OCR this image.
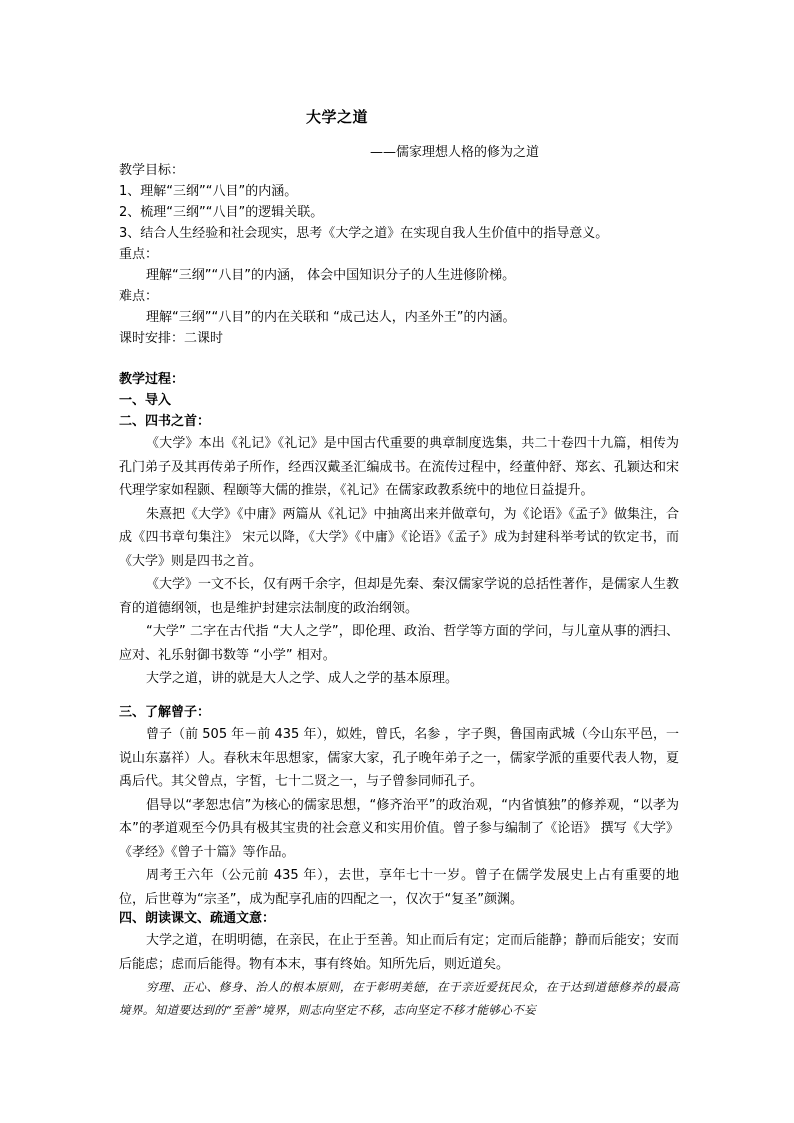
大学之道
——儒家理想人格的修为之道
教学目标：
1、理解“三纲”“八目”的内涵。
2、梳理“三纲”“八目”的逻辑关联。
3、结合人生经验和社会现实，思考《大学之道》在实现自我人生价值中的指导意义。
重点：
理解“三纲”“八目”的内涵， 体会中国知识分子的人生进修阶梯。
难点：
理解“三纲”“八目”的内在关联和 “成己达人，内圣外王”的内涵。
课时安排：二课时
教学过程：
一、导入
二、四书之首：

《大学》本出《礼记》《礼记》是中国古代重要的典章制度选集，共二十卷四十九篇，相传为孔门弟子及其再传弟子所作，经西汉戴圣汇编成书。在流传过程中，经董仲舒、郑玄、孔颖达和宋代理学家如程颢、程颐等大儒的推崇，《礼记》在儒家政教系统中的地位日益提升。

朱熹把《大学》《中庸》两篇从《礼记》中抽离出来并做章句，为《论语》《孟子》做集注，合成《四书章句集注》 宋元以降，《大学》《中庸》《论语》《孟子》成为封建科举考试的钦定书，而《大学》则是四书之首。

《大学》一文不长，仅有两千余字，但却是先秦、秦汉儒家学说的总括性著作，是儒家人生教育的道德纲领，也是维护封建宗法制度的政治纲领。

“大学” 二字在古代指 “大人之学”，即伦理、政治、哲学等方面的学问，与儿童从事的洒扫、应对、礼乐射御书数等 “小学” 相对。

大学之道，讲的就是大人之学、成人之学的基本原理。

三、了解曾子：

曾子（前 505 年－前 435 年），姒姓，曾氏，名参 ，字子舆，鲁国南武城（今山东平邑，一说山东嘉祥）人。春秋末年思想家，儒家大家，孔子晚年弟子之一，儒家学派的重要代表人物，夏禹后代。其父曾点，字皙，七十二贤之一，与子曾参同师孔子。

倡导以“孝恕忠信”为核心的儒家思想，“修齐治平”的政治观，“内省慎独”的修养观，“以孝为本”的孝道观至今仍具有极其宝贵的社会意义和实用价值。曾子参与编制了《论语》 撰写《大学》《孝经》《曾子十篇》等作品。

周考王六年（公元前 435 年），去世，享年七十一岁。曾子在儒学发展史上占有重要的地位，后世尊为“宗圣”，成为配享孔庙的四配之一，仅次于“复圣”颜渊。

四、朗读课文、疏通文意：

大学之道，在明明德，在亲民，在止于至善。知止而后有定；定而后能静；静而后能安；安而后能虑；虑而后能得。物有本末，事有终始。知所先后，则近道矣。

穷理、正心、修身、治人的根本原则，在于彰明美德，在于亲近爱抚民众，在于达到道德修养的最高境界。知道要达到的“至善”境界，则志向坚定不移，志向坚定不移才能够心不妄
